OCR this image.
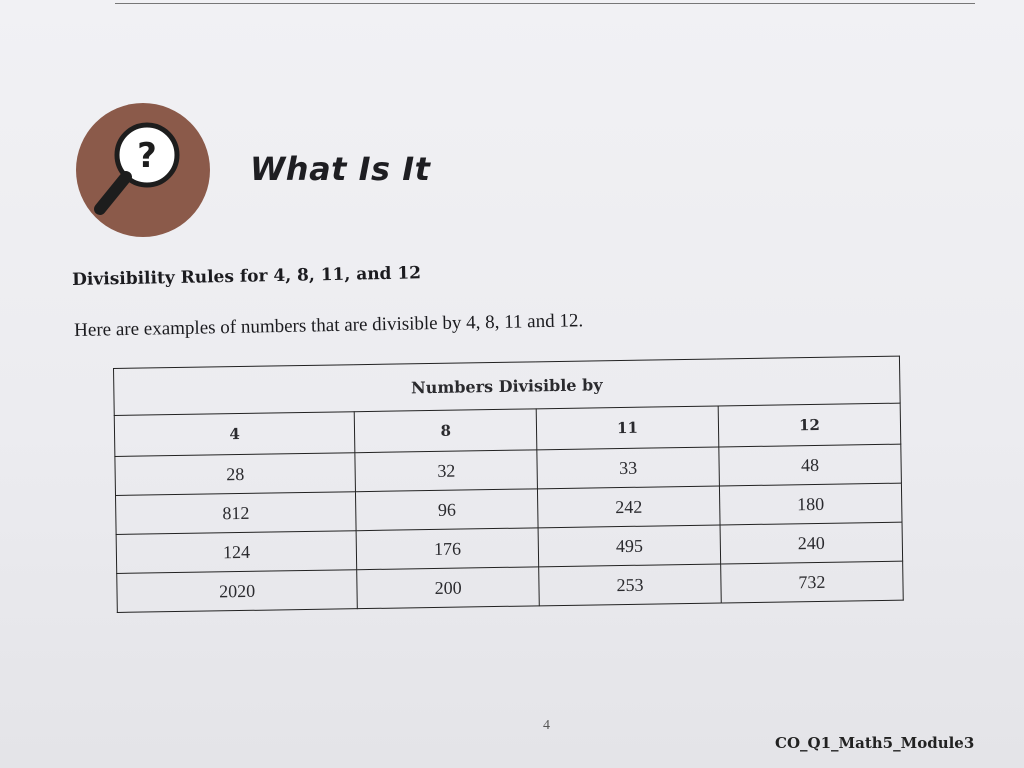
?	What Is It
Divisibility Rules for 4, 8, 11, and 12
Here are examples of numbers that are divisible by 4, 8, 11 and 12.
Numbers Divisible by			
4	8	11	12
28	32	33	48
812	96	242	180
124	176	495	240
2020	200	253	732
4
CO_Q1_Math5_Module3
